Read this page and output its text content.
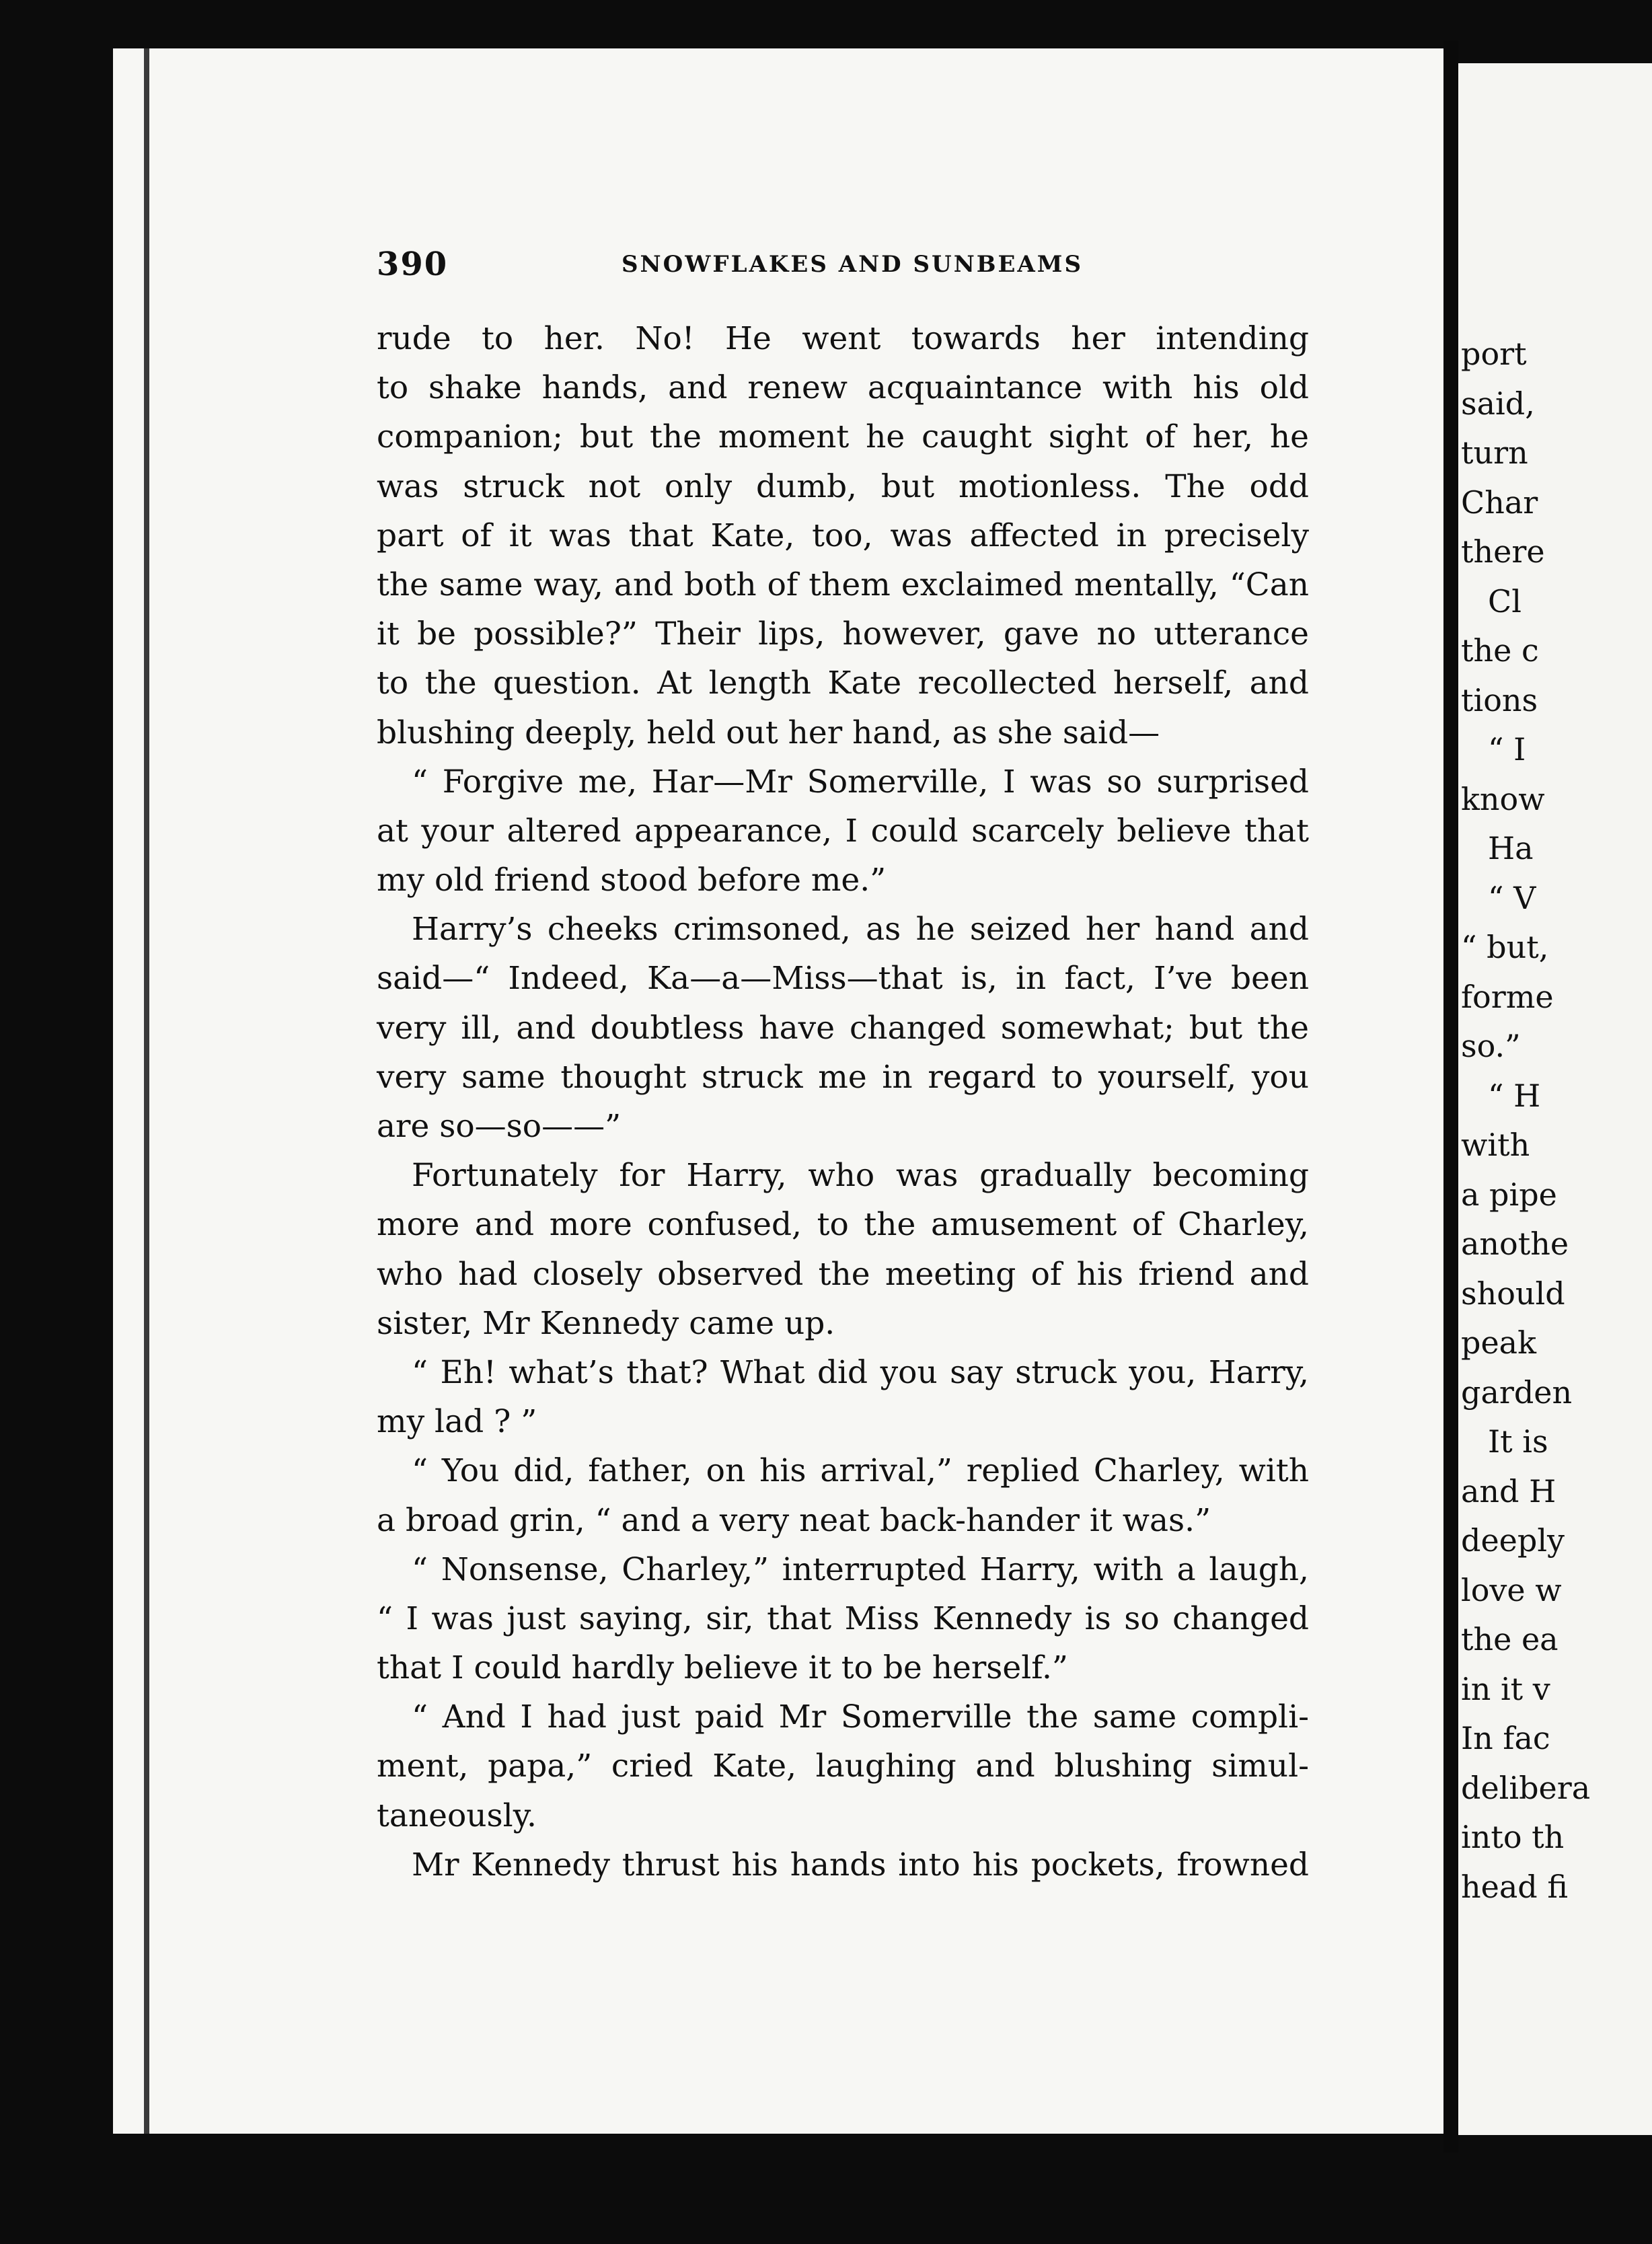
390	SNOWFLAKES AND SUNBEAMS
rude to her. No! He went towards her intending
to shake hands, and renew acquaintance with his old
companion; but the moment he caught sight of her, he
was struck not only dumb, but motionless. The odd
part of it was that Kate, too, was affected in precisely
the same way, and both of them exclaimed mentally, “Can
it be possible?” Their lips, however, gave no utterance
to the question. At length Kate recollected herself, and
blushing deeply, held out her hand, as she said—
“ Forgive me, Har—Mr Somerville, I was so surprised
at your altered appearance, I could scarcely believe that
my old friend stood before me.”
Harry’s cheeks crimsoned, as he seized her hand and
said—“ Indeed, Ka—a—Miss—that is, in fact, I’ve been
very ill, and doubtless have changed somewhat; but the
very same thought struck me in regard to yourself, you
are so—so——”
Fortunately for Harry, who was gradually becoming
more and more confused, to the amusement of Charley,
who had closely observed the meeting of his friend and
sister, Mr Kennedy came up.
“ Eh! what’s that? What did you say struck you, Harry,
my lad ? ”
“ You did, father, on his arrival,” replied Charley, with
a broad grin, “ and a very neat back-hander it was.”
“ Nonsense, Charley,” interrupted Harry, with a laugh,
“ I was just saying, sir, that Miss Kennedy is so changed
that I could hardly believe it to be herself.”
“ And I had just paid Mr Somerville the same compli-
ment, papa,” cried Kate, laughing and blushing simul-
taneously.
Mr Kennedy thrust his hands into his pockets, frowned
port
said,
turn
Char
there
Cl
the c
tions
“ I
know
Ha
“ V
“ but,
forme
so.”
“ H
with
a pipe
anothe
should
peak
garden
It is
and H
deeply
love w
the ea
in it v
In fac
delibera
into th
head fi
